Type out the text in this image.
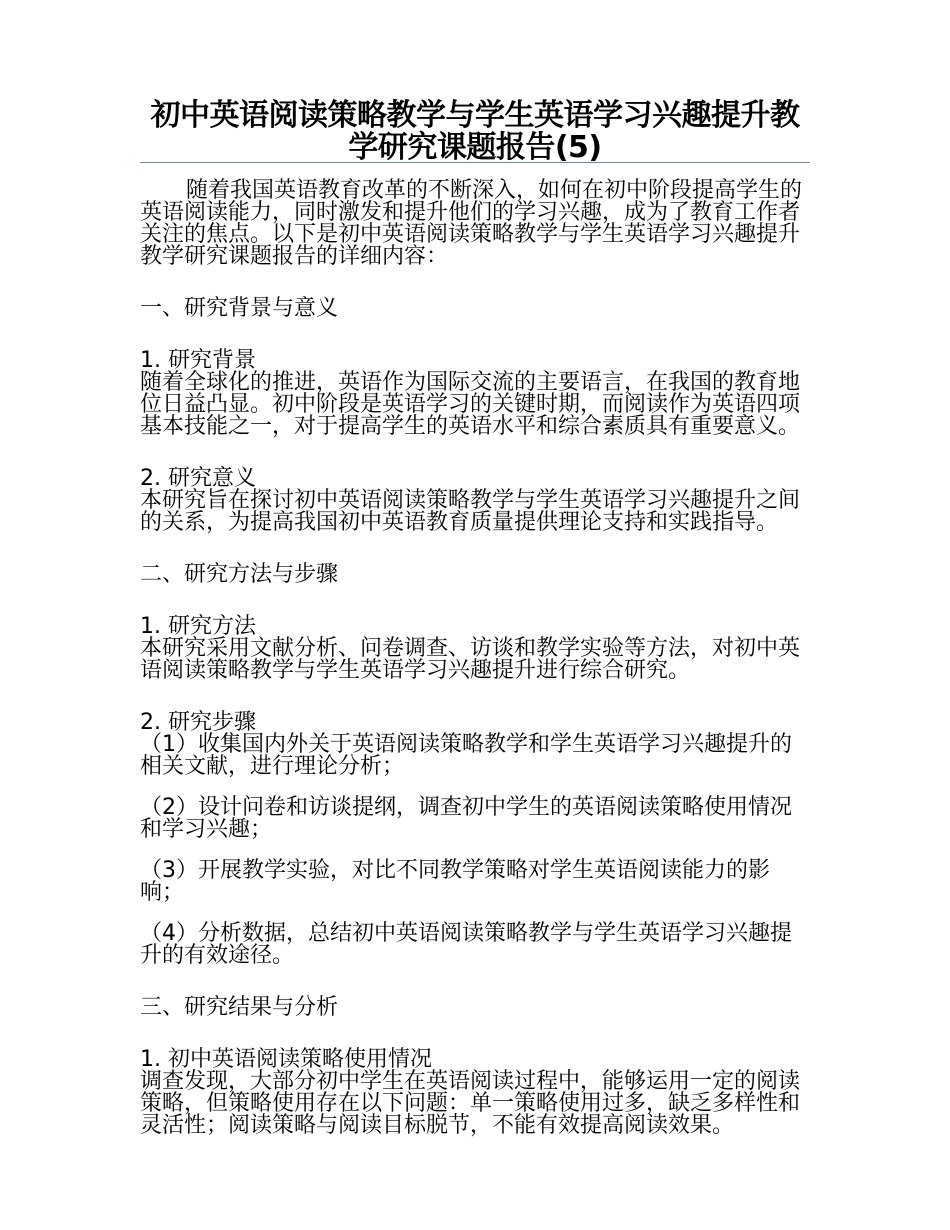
初中英语阅读策略教学与学生英语学习兴趣提升教学研究课题报告(5)

随着我国英语教育改革的不断深入，如何在初中阶段提高学生的英语阅读能力，同时激发和提升他们的学习兴趣，成为了教育工作者关注的焦点。以下是初中英语阅读策略教学与学生英语学习兴趣提升教学研究课题报告的详细内容：

一、研究背景与意义

1. 研究背景

随着全球化的推进，英语作为国际交流的主要语言，在我国的教育地位日益凸显。初中阶段是英语学习的关键时期，而阅读作为英语四项基本技能之一，对于提高学生的英语水平和综合素质具有重要意义。

2. 研究意义

本研究旨在探讨初中英语阅读策略教学与学生英语学习兴趣提升之间的关系，为提高我国初中英语教育质量提供理论支持和实践指导。

二、研究方法与步骤

1. 研究方法

本研究采用文献分析、问卷调查、访谈和教学实验等方法，对初中英语阅读策略教学与学生英语学习兴趣提升进行综合研究。

2. 研究步骤

（1）收集国内外关于英语阅读策略教学和学生英语学习兴趣提升的相关文献，进行理论分析；

（2）设计问卷和访谈提纲，调查初中学生的英语阅读策略使用情况和学习兴趣；

（3）开展教学实验，对比不同教学策略对学生英语阅读能力的影响；

（4）分析数据，总结初中英语阅读策略教学与学生英语学习兴趣提升的有效途径。

三、研究结果与分析

1. 初中英语阅读策略使用情况

调查发现，大部分初中学生在英语阅读过程中，能够运用一定的阅读策略，但策略使用存在以下问题：单一策略使用过多，缺乏多样性和灵活性；阅读策略与阅读目标脱节，不能有效提高阅读效果。
